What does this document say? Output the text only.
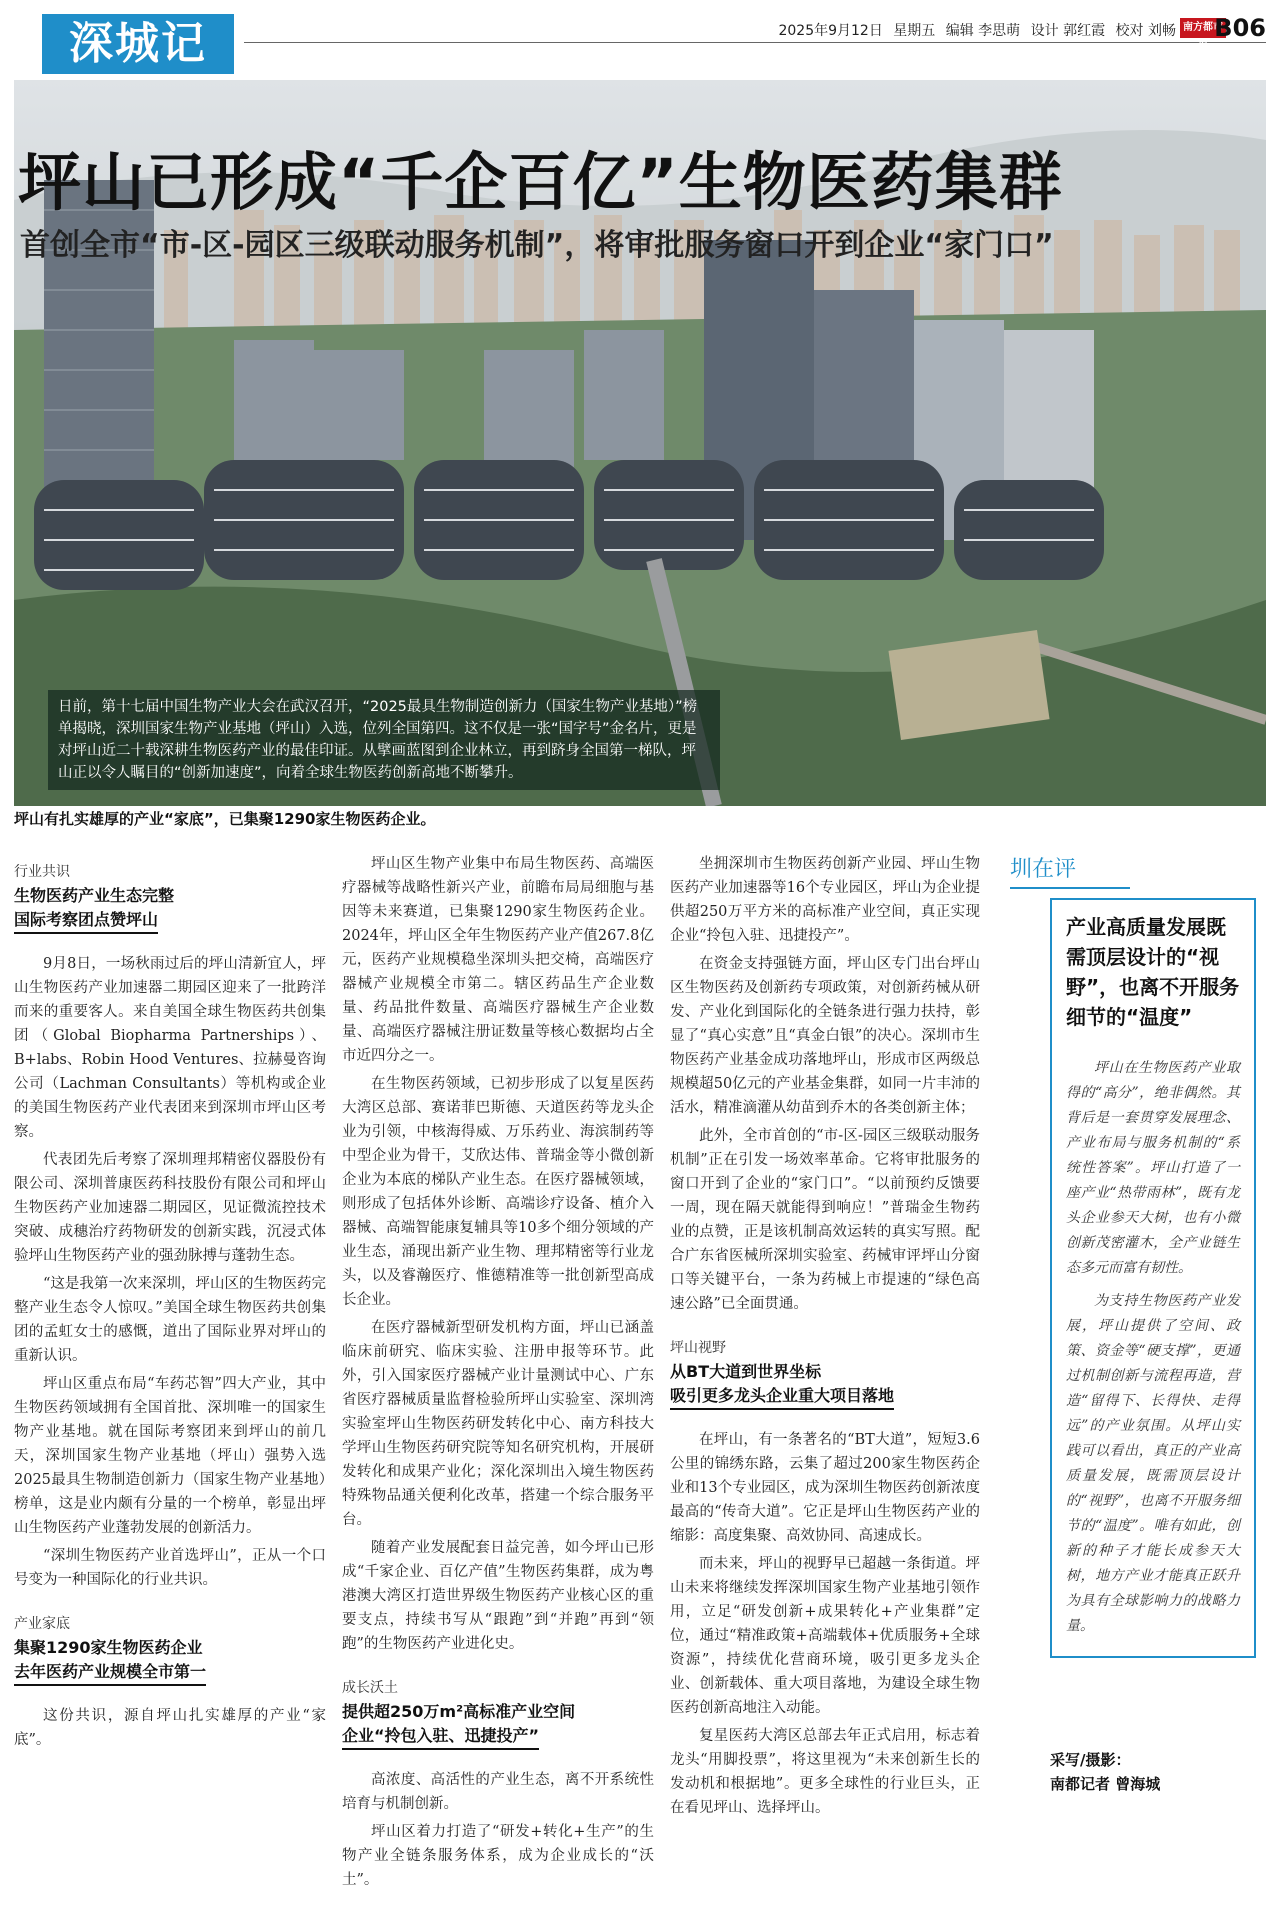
深城记	2025年9月12日 星期五 编辑 李思萌 设计 郭红霞 校对 刘畅 南方都市报
B06
坪山已形成“千企百亿”生物医药集群
首创全市“市-区-园区三级联动服务机制”，将审批服务窗口开到企业“家门口”
日前，第十七届中国生物产业大会在武汉召开，“2025最具生物制造创新力（国家生物产业基地）”榜单揭晓，深圳国家生物产业基地（坪山）入选，位列全国第四。这不仅是一张“国字号”金名片，更是对坪山近二十载深耕生物医药产业的最佳印证。从擘画蓝图到企业林立，再到跻身全国第一梯队，坪山正以令人瞩目的“创新加速度”，向着全球生物医药创新高地不断攀升。
坪山有扎实雄厚的产业“家底”，已集聚1290家生物医药企业。
行业共识
生物医药产业生态完整
国际考察团点赞坪山

9月8日，一场秋雨过后的坪山清新宜人，坪山生物医药产业加速器二期园区迎来了一批跨洋而来的重要客人。来自美国全球生物医药共创集团（Global Biopharma Partnerships）、B+labs、Robin Hood Ventures、拉赫曼咨询公司（Lachman Consultants）等机构或企业的美国生物医药产业代表团来到深圳市坪山区考察。

代表团先后考察了深圳理邦精密仪器股份有限公司、深圳普康医药科技股份有限公司和坪山生物医药产业加速器二期园区，见证微流控技术突破、成穗治疗药物研发的创新实践，沉浸式体验坪山生物医药产业的强劲脉搏与蓬勃生态。

“这是我第一次来深圳，坪山区的生物医药完整产业生态令人惊叹。”美国全球生物医药共创集团的孟虹女士的感慨，道出了国际业界对坪山的重新认识。

坪山区重点布局“车药芯智”四大产业，其中生物医药领域拥有全国首批、深圳唯一的国家生物产业基地。就在国际考察团来到坪山的前几天，深圳国家生物产业基地（坪山）强势入选2025最具生物制造创新力（国家生物产业基地）榜单，这是业内颇有分量的一个榜单，彰显出坪山生物医药产业蓬勃发展的创新活力。

“深圳生物医药产业首选坪山”，正从一个口号变为一种国际化的行业共识。

产业家底
集聚1290家生物医药企业
去年医药产业规模全市第一

这份共识，源自坪山扎实雄厚的产业“家底”。

坪山区生物产业集中布局生物医药、高端医疗器械等战略性新兴产业，前瞻布局局细胞与基因等未来赛道，已集聚1290家生物医药企业。2024年，坪山区全年生物医药产业产值267.8亿元，医药产业规模稳坐深圳头把交椅，高端医疗器械产业规模全市第二。辖区药品生产企业数量、药品批件数量、高端医疗器械生产企业数量、高端医疗器械注册证数量等核心数据均占全市近四分之一。

在生物医药领域，已初步形成了以复星医药大湾区总部、赛诺菲巴斯德、天道医药等龙头企业为引领，中核海得威、万乐药业、海滨制药等中型企业为骨干，艾欣达伟、普瑞金等小微创新企业为本底的梯队产业生态。在医疗器械领域，则形成了包括体外诊断、高端诊疗设备、植介入器械、高端智能康复辅具等10多个细分领域的产业生态，涌现出新产业生物、理邦精密等行业龙头，以及睿瀚医疗、惟德精准等一批创新型高成长企业。

在医疗器械新型研发机构方面，坪山已涵盖临床前研究、临床实验、注册申报等环节。此外，引入国家医疗器械产业计量测试中心、广东省医疗器械质量监督检验所坪山实验室、深圳湾实验室坪山生物医药研发转化中心、南方科技大学坪山生物医药研究院等知名研究机构，开展研发转化和成果产业化；深化深圳出入境生物医药特殊物品通关便利化改革，搭建一个综合服务平台。

随着产业发展配套日益完善，如今坪山已形成“千家企业、百亿产值”生物医药集群，成为粤港澳大湾区打造世界级生物医药产业核心区的重要支点，持续书写从“跟跑”到“并跑”再到“领跑”的生物医药产业进化史。

成长沃土
提供超250万m²高标准产业空间
企业“拎包入驻、迅捷投产”

高浓度、高活性的产业生态，离不开系统性培育与机制创新。

坪山区着力打造了“研发+转化+生产”的生物产业全链条服务体系，成为企业成长的“沃土”。

坐拥深圳市生物医药创新产业园、坪山生物医药产业加速器等16个专业园区，坪山为企业提供超250万平方米的高标准产业空间，真正实现企业“拎包入驻、迅捷投产”。

在资金支持强链方面，坪山区专门出台坪山区生物医药及创新药专项政策，对创新药械从研发、产业化到国际化的全链条进行强力扶持，彰显了“真心实意”且“真金白银”的决心。深圳市生物医药产业基金成功落地坪山，形成市区两级总规模超50亿元的产业基金集群，如同一片丰沛的活水，精准滴灌从幼苗到乔木的各类创新主体；

此外，全市首创的“市-区-园区三级联动服务机制”正在引发一场效率革命。它将审批服务的窗口开到了企业的“家门口”。“以前预约反馈要一周，现在隔天就能得到响应！”普瑞金生物药业的点赞，正是该机制高效运转的真实写照。配合广东省医械所深圳实验室、药械审评坪山分窗口等关键平台，一条为药械上市提速的“绿色高速公路”已全面贯通。

坪山视野
从BT大道到世界坐标
吸引更多龙头企业重大项目落地

在坪山，有一条著名的“BT大道”，短短3.6公里的锦绣东路，云集了超过200家生物医药企业和13个专业园区，成为深圳生物医药创新浓度最高的“传奇大道”。它正是坪山生物医药产业的缩影：高度集聚、高效协同、高速成长。

而未来，坪山的视野早已超越一条街道。坪山未来将继续发挥深圳国家生物产业基地引领作用，立足“研发创新+成果转化+产业集群”定位，通过“精准政策+高端载体+优质服务+全球资源”，持续优化营商环境，吸引更多龙头企业、创新载体、重大项目落地，为建设全球生物医药创新高地注入动能。

复星医药大湾区总部去年正式启用，标志着龙头“用脚投票”，将这里视为“未来创新生长的发动机和根据地”。更多全球性的行业巨头，正在看见坪山、选择坪山。

圳在评
产业高质量发展既需顶层设计的“视野”，也离不开服务细节的“温度”

坪山在生物医药产业取得的“高分”，绝非偶然。其背后是一套贯穿发展理念、产业布局与服务机制的“系统性答案”。坪山打造了一座产业“热带雨林”，既有龙头企业参天大树，也有小微创新茂密灌木，全产业链生态多元而富有韧性。

为支持生物医药产业发展，坪山提供了空间、政策、资金等“硬支撑”，更通过机制创新与流程再造，营造“留得下、长得快、走得远”的产业氛围。从坪山实践可以看出，真正的产业高质量发展，既需顶层设计的“视野”，也离不开服务细节的“温度”。唯有如此，创新的种子才能长成参天大树，地方产业才能真正跃升为具有全球影响力的战略力量。

采写/摄影：
南都记者 曾海城
